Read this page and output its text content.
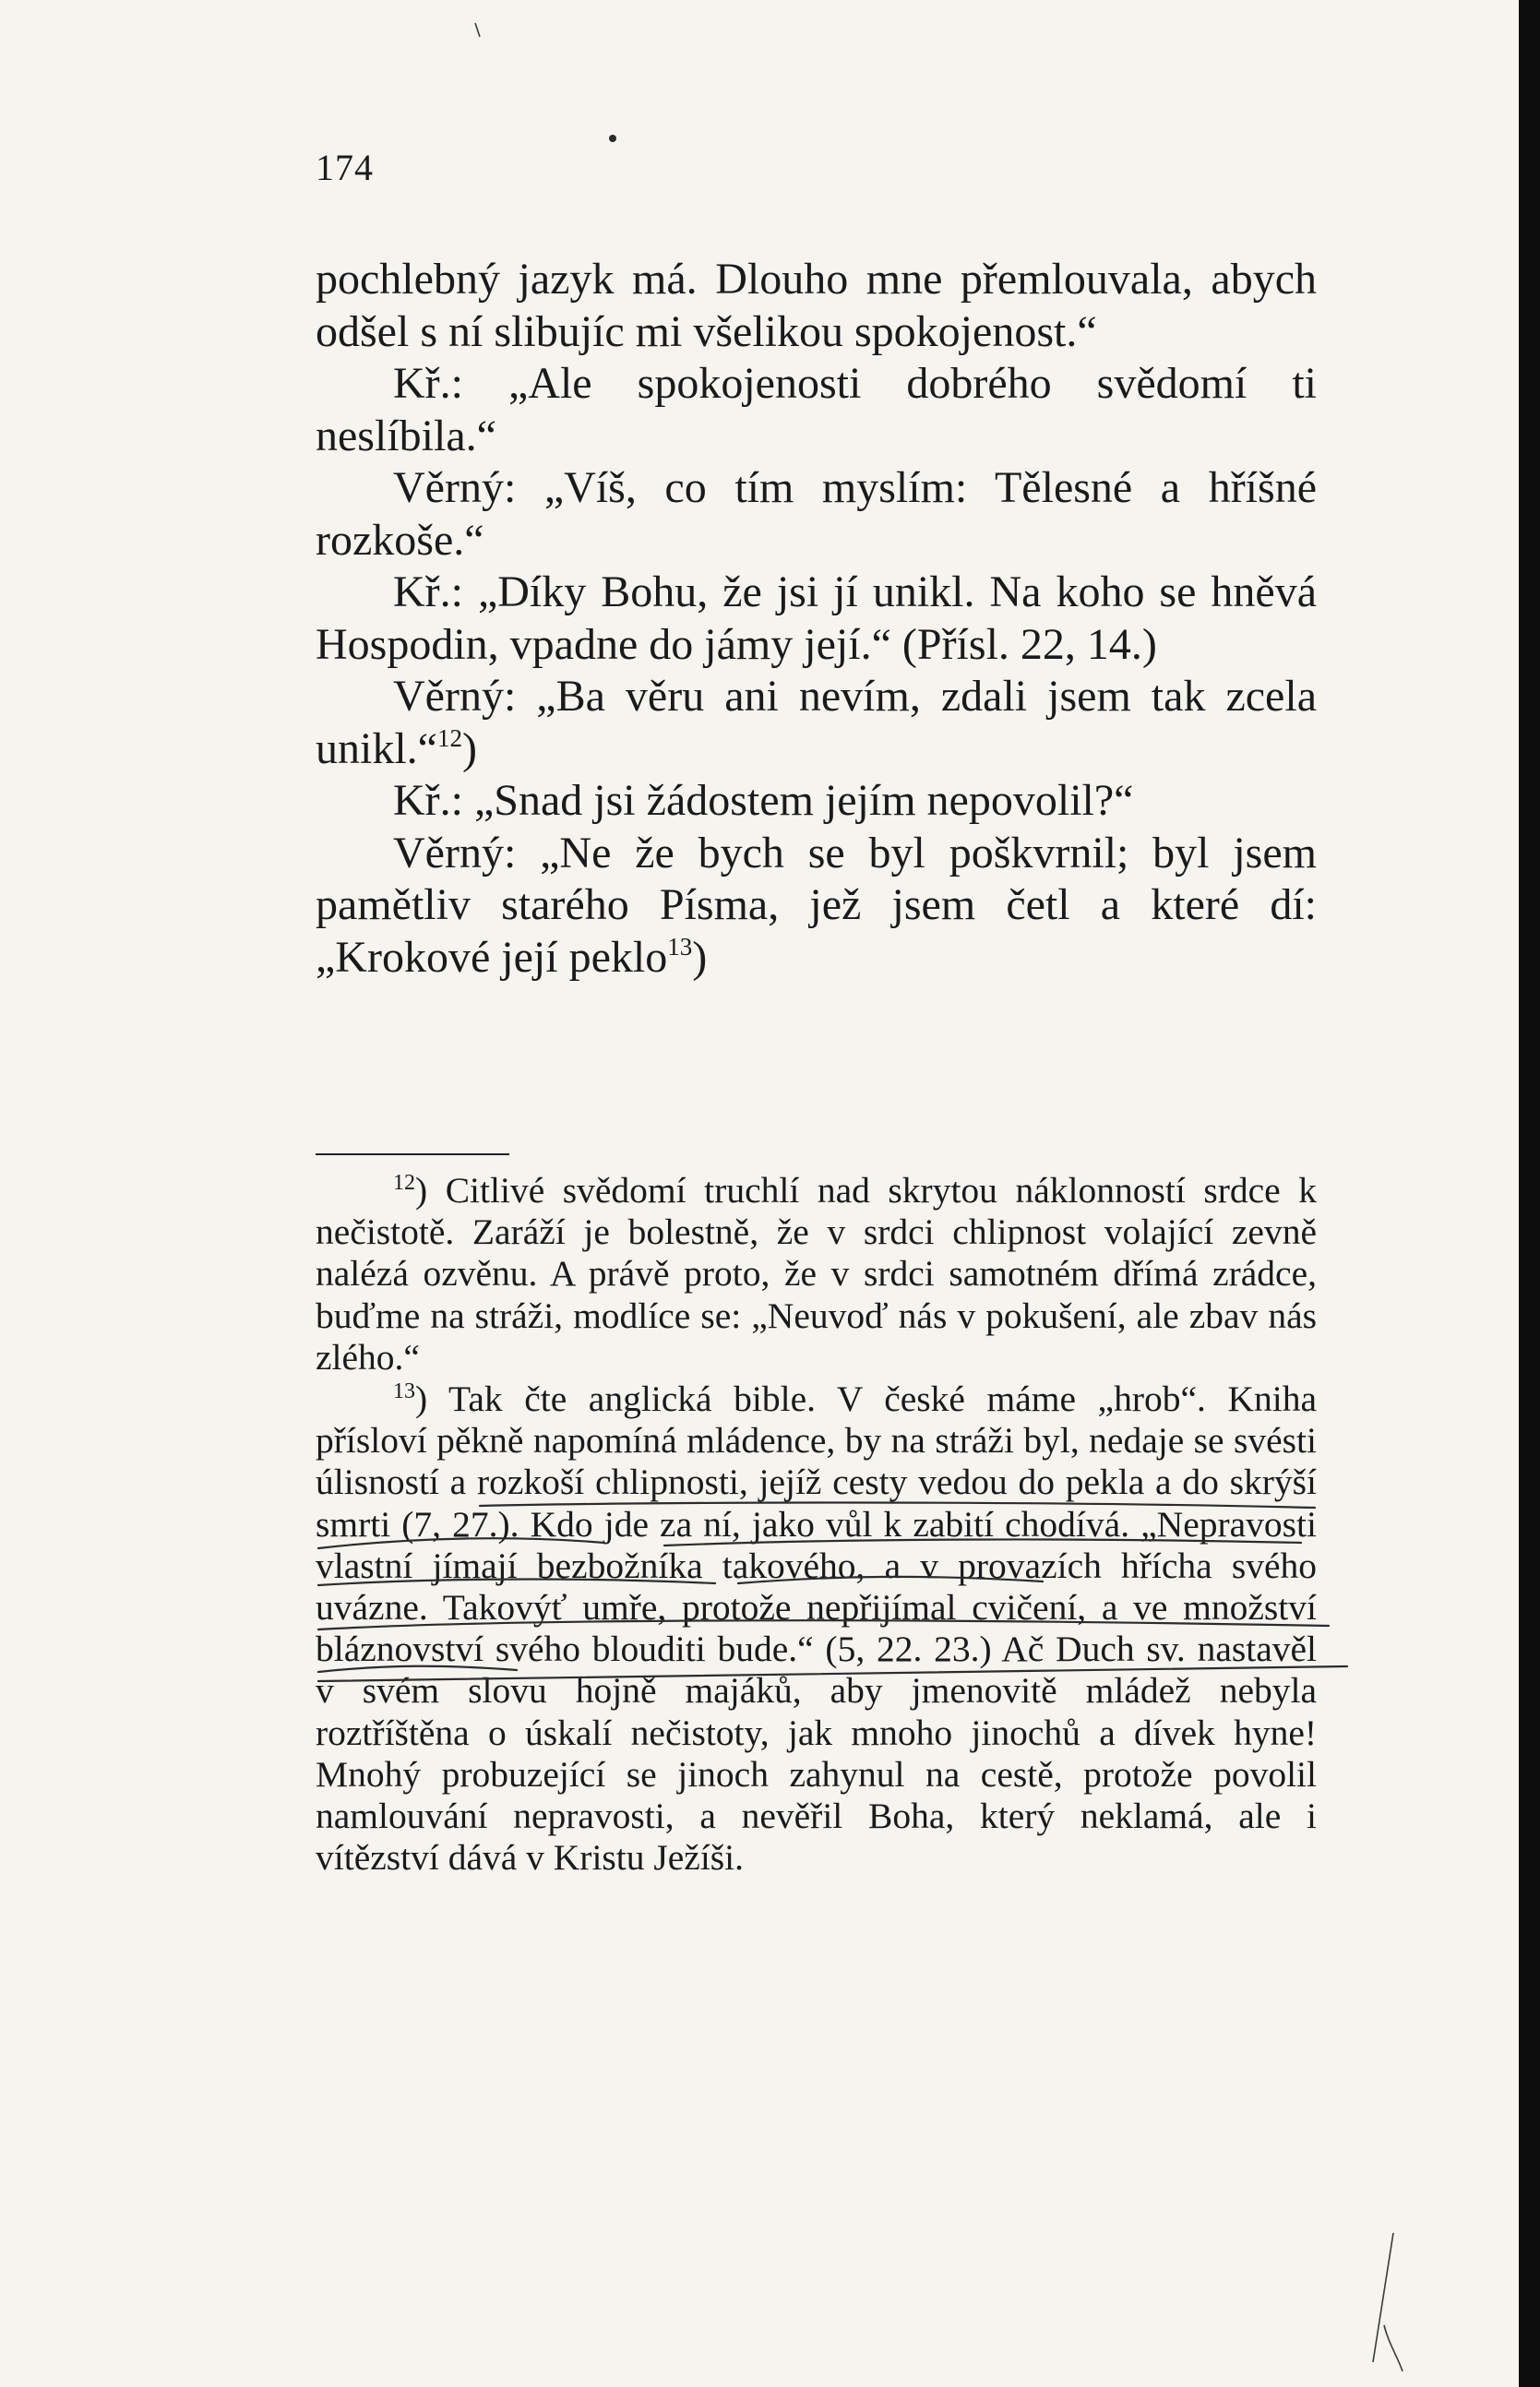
174

pochlebný jazyk má. Dlouho mne přemlouvala, abych odšel s ní slibujíc mi všelikou spokojenost.“

Kř.: „Ale spokojenosti dobrého svědomí ti neslíbila.“

Věrný: „Víš, co tím myslím: Tělesné a hříšné rozkoše.“

Kř.: „Díky Bohu, že jsi jí unikl. Na koho se hněvá Hospodin, vpadne do jámy její.“ (Přísl. 22, 14.)

Věrný: „Ba věru ani nevím, zdali jsem tak zcela unikl.“$^{12}$)

Kř.: „Snad jsi žádostem jejím nepovolil?“

Věrný: „Ne že bych se byl poškvrnil; byl jsem pamětliv starého Písma, jež jsem četl a které dí: „Krokové její peklo$^{13}$)

$^{12}$) Citlivé svědomí truchlí nad skrytou náklonností srdce k nečistotě. Zaráží je bolestně, že v srdci chlipnost volající zevně nalézá ozvěnu. A právě proto, že v srdci samotném dřímá zrádce, buďme na stráži, modlíce se: „Neuvoď nás v pokušení, ale zbav nás zlého.“

$^{13}$) Tak čte anglická bible. V české máme „hrob“. Kniha přísloví pěkně napomíná mládence, by na stráži byl, nedaje se svésti úlisností a rozkoší chlipnosti, jejíž cesty vedou do pekla a do skrýší smrti (7, 27.). Kdo jde za ní, jako vůl k zabití chodívá. „Nepravosti vlastní jímají bezbožníka takového, a v provazích hřícha svého uvázne. Takovýť umře, protože nepřijímal cvičení, a ve množství bláznovství svého blouditi bude.“ (5, 22. 23.) Ač Duch sv. nastavěl v svém slovu hojně majáků, aby jmenovitě mládež nebyla roztříštěna o úskalí nečistoty, jak mnoho jinochů a dívek hyne! Mnohý probuzející se jinoch zahynul na cestě, protože povolil namlouvání nepravosti, a nevěřil Boha, který neklamá, ale i vítězství dává v Kristu Ježíši.
